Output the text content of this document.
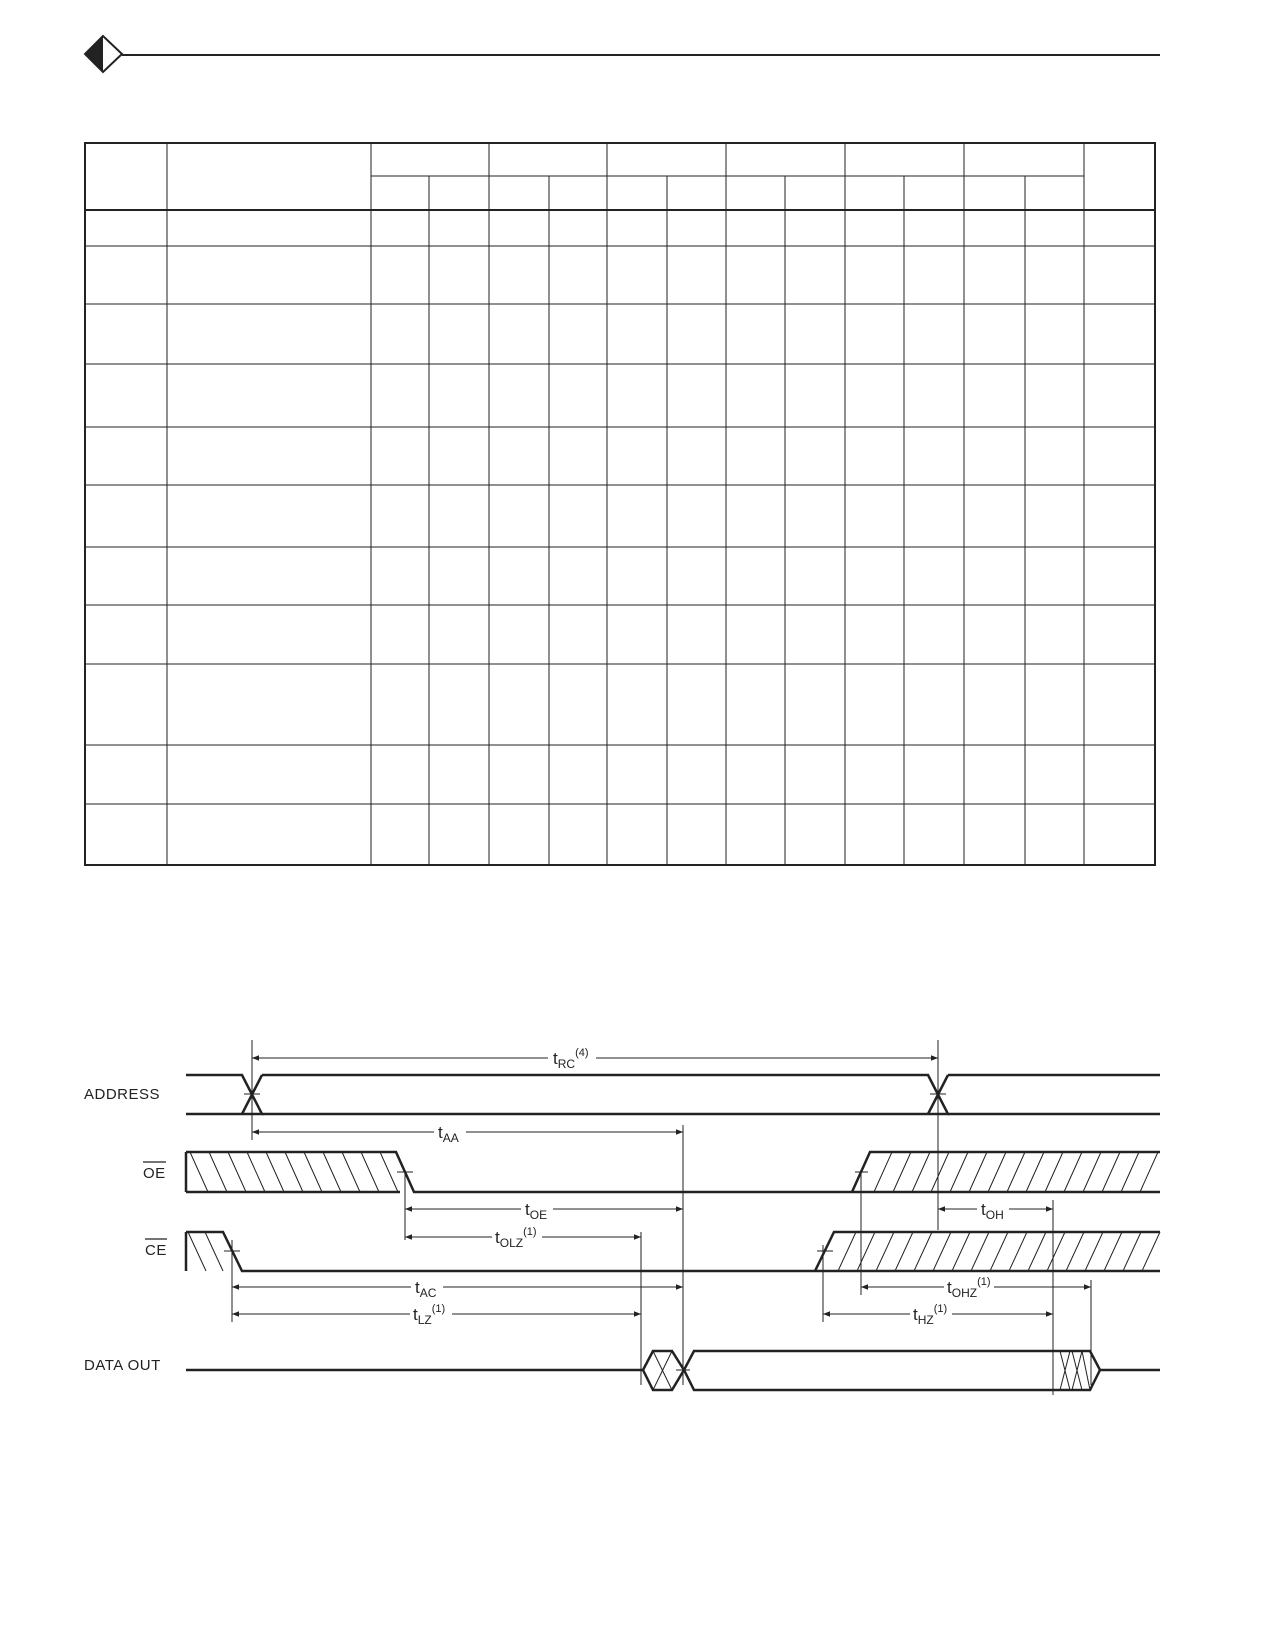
ADDRESS
OE
CE
DATA OUT
$t_{RC}^{(4)}$
$t_{AA}$
$t_{OE}$	$t_{OH}$
$t_{OLZ}^{(1)}$
$t_{AC}$	$t_{OHZ}^{(1)}$
$t_{LZ}^{(1)}$	$t_{HZ}^{(1)}$
